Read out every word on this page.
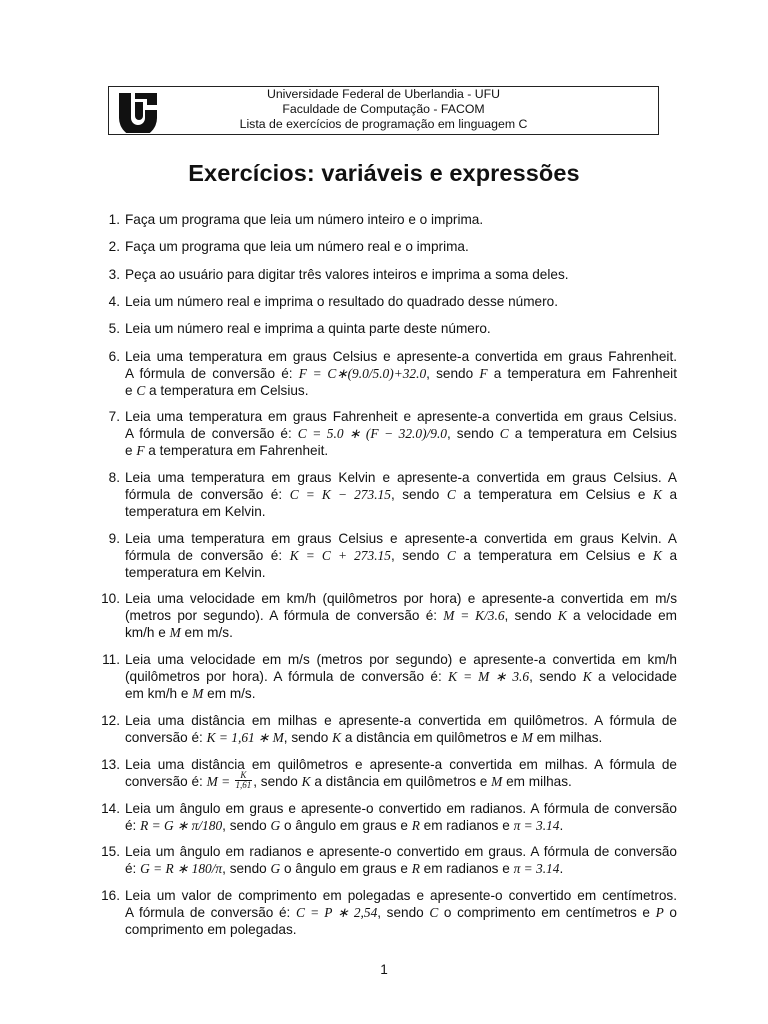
Universidade Federal de Uberlandia - UFU
Faculdade de Computação - FACOM
Lista de exercícios de programação em linguagem C
Exercícios: variáveis e expressões
1. Faça um programa que leia um número inteiro e o imprima.
2. Faça um programa que leia um número real e o imprima.
3. Peça ao usuário para digitar três valores inteiros e imprima a soma deles.
4. Leia um número real e imprima o resultado do quadrado desse número.
5. Leia um número real e imprima a quinta parte deste número.
6. Leia uma temperatura em graus Celsius e apresente-a convertida em graus Fahrenheit.
A fórmula de conversão é: F = C∗(9.0/5.0)+32.0, sendo F a temperatura em Fahrenheit
e C a temperatura em Celsius.
7. Leia uma temperatura em graus Fahrenheit e apresente-a convertida em graus Celsius.
A fórmula de conversão é: C = 5.0 ∗ (F − 32.0)/9.0, sendo C a temperatura em Celsius
e F a temperatura em Fahrenheit.
8. Leia uma temperatura em graus Kelvin e apresente-a convertida em graus Celsius. A
fórmula de conversão é: C = K − 273.15, sendo C a temperatura em Celsius e K a
temperatura em Kelvin.
9. Leia uma temperatura em graus Celsius e apresente-a convertida em graus Kelvin. A
fórmula de conversão é: K = C + 273.15, sendo C a temperatura em Celsius e K a
temperatura em Kelvin.
10. Leia uma velocidade em km/h (quilômetros por hora) e apresente-a convertida em m/s
(metros por segundo). A fórmula de conversão é: M = K/3.6, sendo K a velocidade em
km/h e M em m/s.
11. Leia uma velocidade em m/s (metros por segundo) e apresente-a convertida em km/h
(quilômetros por hora). A fórmula de conversão é: K = M ∗ 3.6, sendo K a velocidade
em km/h e M em m/s.
12. Leia uma distância em milhas e apresente-a convertida em quilômetros. A fórmula de
conversão é: K = 1,61 ∗ M, sendo K a distância em quilômetros e M em milhas.
13. Leia uma distância em quilômetros e apresente-a convertida em milhas. A fórmula de
conversão é: $M = \frac{K}{1,61}$ , sendo K a distância em quilômetros e M em milhas.
14. Leia um ângulo em graus e apresente-o convertido em radianos. A fórmula de conversão
é: R = G ∗ π/180, sendo G o ângulo em graus e R em radianos e π = 3.14.
15. Leia um ângulo em radianos e apresente-o convertido em graus. A fórmula de conversão
é: G = R ∗ 180/π, sendo G o ângulo em graus e R em radianos e π = 3.14.
16. Leia um valor de comprimento em polegadas e apresente-o convertido em centímetros.
A fórmula de conversão é: C = P ∗ 2,54, sendo C o comprimento em centímetros e P o
comprimento em polegadas.
1
